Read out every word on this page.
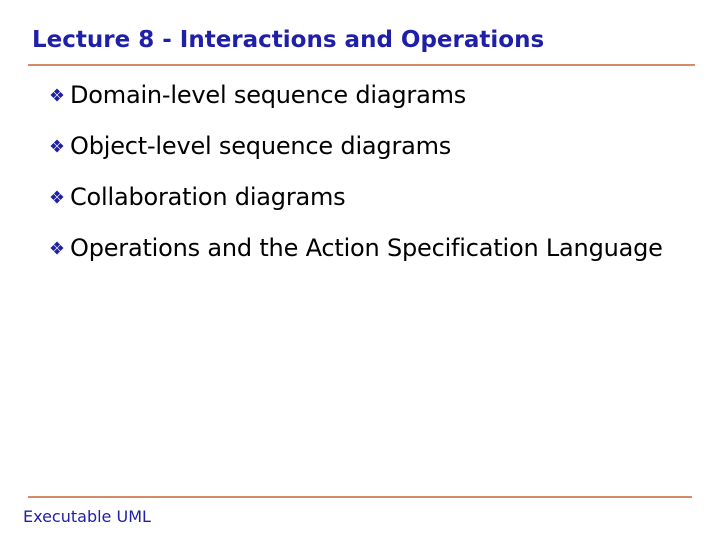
Lecture 8 - Interactions and Operations
Domain-level sequence diagrams
Object-level sequence diagrams
Collaboration diagrams
Operations and the Action Specification Language
Executable UML
